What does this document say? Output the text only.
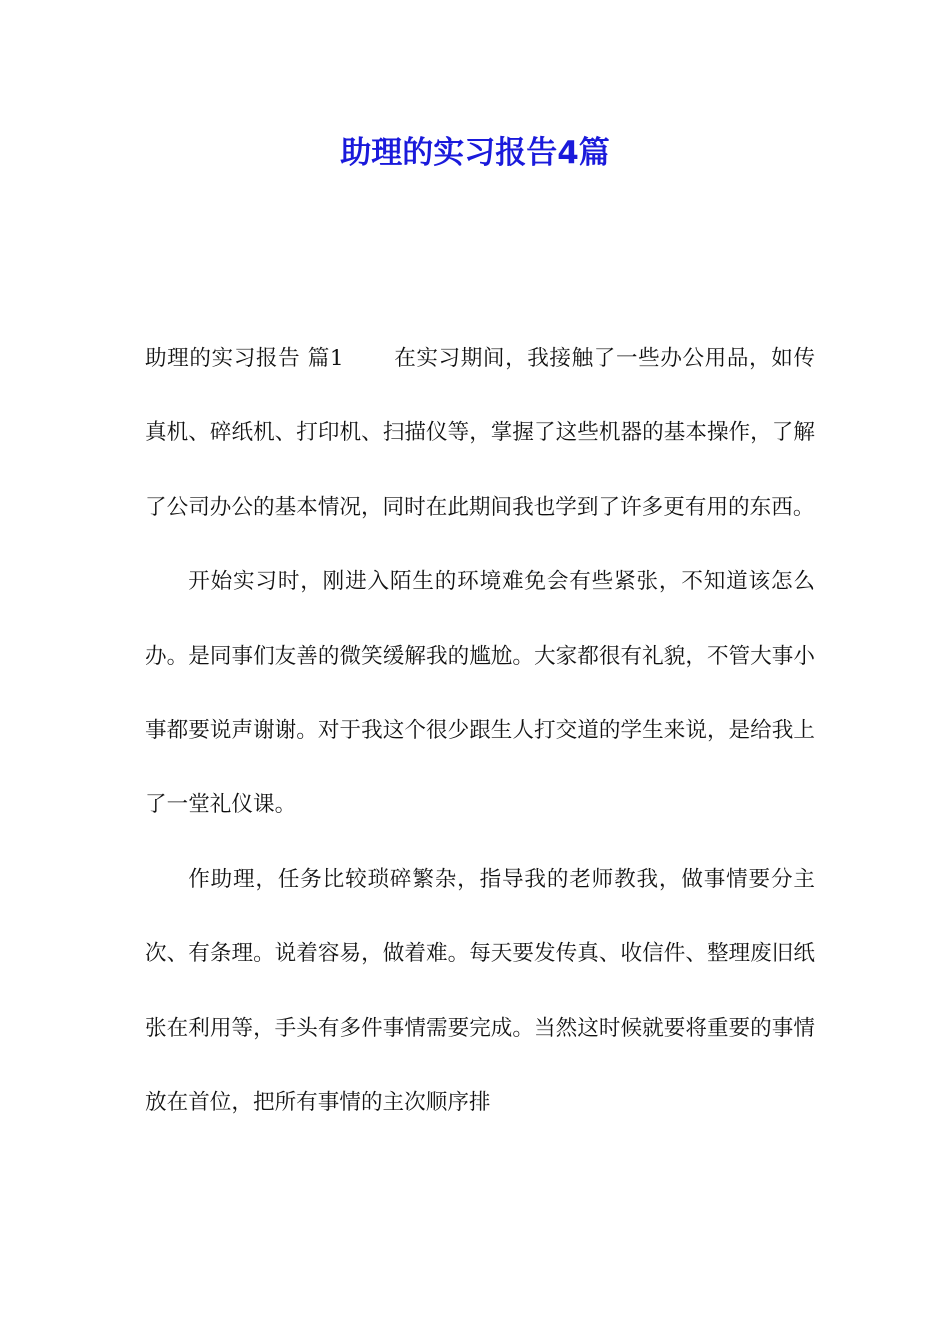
助理的实习报告4篇

助理的实习报告 篇1 在实习期间，我接触了一些办公用品，如传真机、碎纸机、打印机、扫描仪等，掌握了这些机器的基本操作，了解了公司办公的基本情况，同时在此期间我也学到了许多更有用的东西。

开始实习时，刚进入陌生的环境难免会有些紧张，不知道该怎么办。是同事们友善的微笑缓解我的尴尬。大家都很有礼貌，不管大事小事都要说声谢谢。对于我这个很少跟生人打交道的学生来说，是给我上了一堂礼仪课。

作助理，任务比较琐碎繁杂，指导我的老师教我，做事情要分主次、有条理。说着容易，做着难。每天要发传真、收信件、整理废旧纸张在利用等，手头有多件事情需要完成。当然这时候就要将重要的事情放在首位，把所有事情的主次顺序排
